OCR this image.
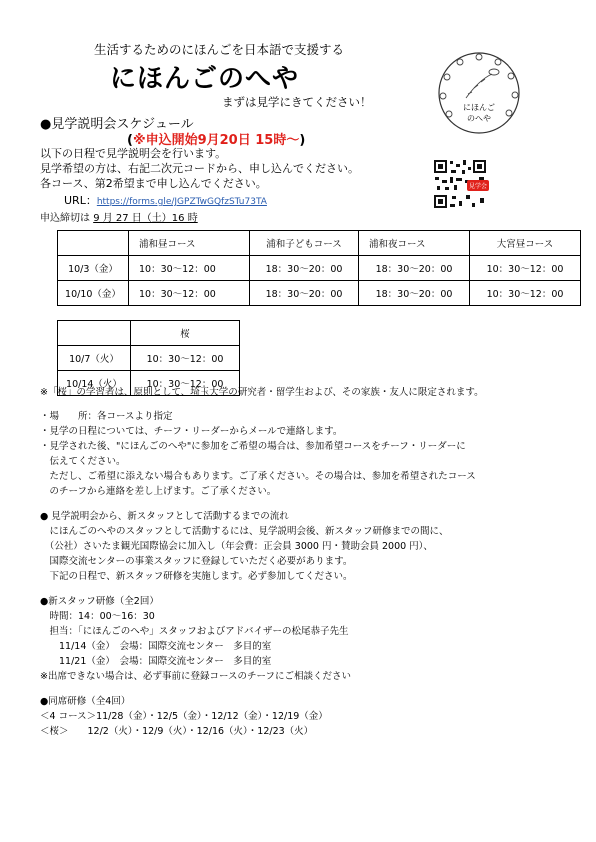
生活するためのにほんごを日本語で支援する
にほんごのへや
まずは見学にきてください！	にほんご
のへや
●見学説明会スケジュール
(※申込開始9月20日 15時～)
以下の日程で見学説明会を行います。
見学希望の方は、右記二次元コードから、申し込んでください。
各コース、第2希望まで申し込んでください。
URL：https://forms.gle/JGPZTwGQfzSTu73TA
申込締切は 9 月 27 日（土）16 時
見学会
	浦和昼コース	浦和子どもコース	浦和夜コース	大宮昼コース
10/3（金）	10：30～12：00	18：30～20：00	18：30～20：00	10：30～12：00
10/10（金）	10：30～12：00	18：30～20：00	18：30～20：00	10：30～12：00
	桜
10/7（火）	10：30～12：00
10/14（火）	10：30～12：00
※「桜」の学習者は、原則として、埼玉大学の研究者・留学生および、その家族・友人に限定されます。
・場　　所：各コースより指定
・見学の日程については、チーフ・リーダーからメールで連絡します。
・見学された後、"にほんごのへや"に参加をご希望の場合は、参加希望コースをチーフ・リーダーに
　伝えてください。
　ただし、ご希望に添えない場合もあります。ご了承ください。その場合は、参加を希望されたコース
　のチーフから連絡を差し上げます。ご了承ください。
● 見学説明会から、新スタッフとして活動するまでの流れ
　にほんごのへやのスタッフとして活動するには、見学説明会後、新スタッフ研修までの間に、
　（公社）さいたま観光国際協会に加入し（年会費：正会員 3000 円・賛助会員 2000 円）、
　国際交流センターの事業スタッフに登録していただく必要があります。
　下記の日程で、新スタッフ研修を実施します。必ず参加してください。
●新スタッフ研修（全2回）
　時間：14：00～16：30
　担当：「にほんごのへや」スタッフおよびアドバイザーの松尾恭子先生
　　11/14（金）　会場：国際交流センター　多目的室
　　11/21（金）　会場：国際交流センター　多目的室
※出席できない場合は、必ず事前に登録コースのチーフにご相談ください
●同席研修（全4回）
＜4 コース＞11/28（金）・12/5（金）・12/12（金）・12/19（金）
＜桜＞　　12/2（火）・12/9（火）・12/16（火）・12/23（火）
